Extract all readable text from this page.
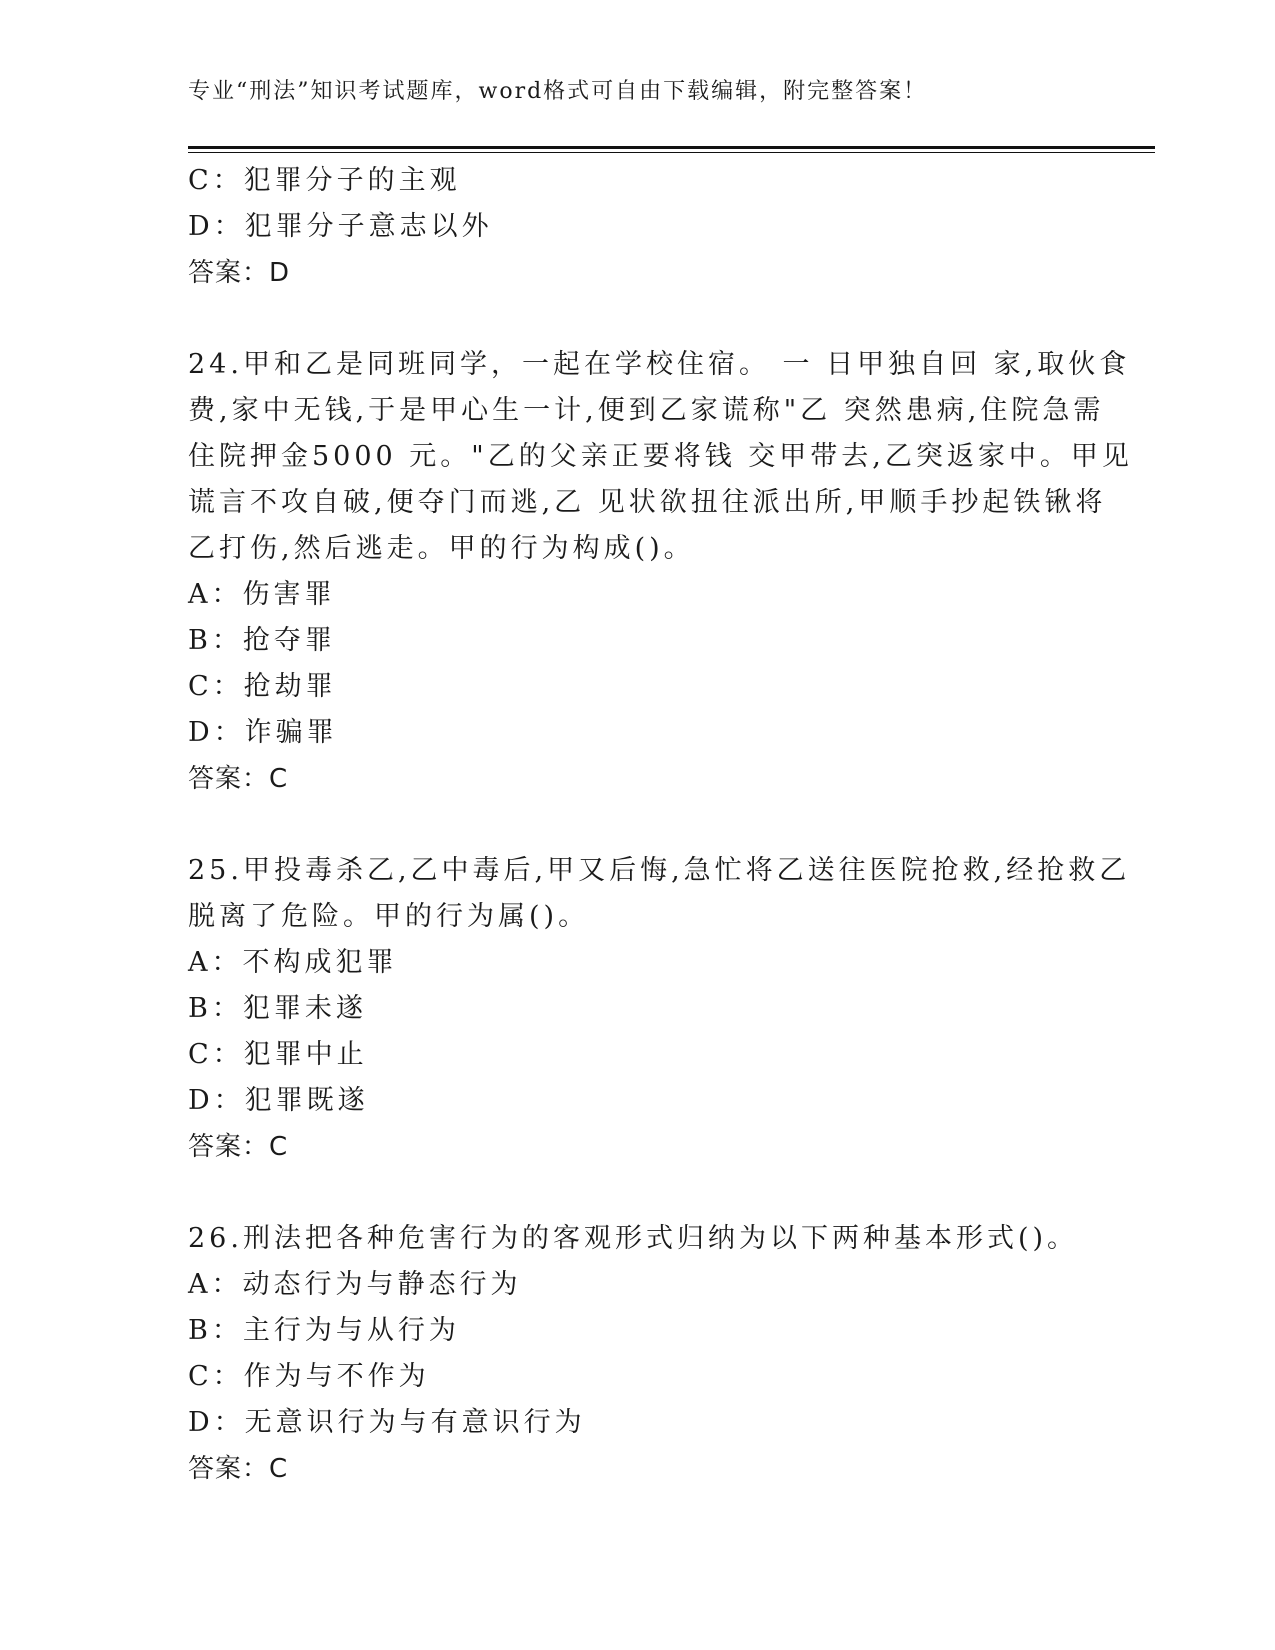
专业“刑法”知识考试题库，word格式可自由下载编辑，附完整答案！
C：犯罪分子的主观
D：犯罪分子意志以外
答案：D
24.甲和乙是同班同学，一起在学校住宿。 一 日甲独自回 家,取伙食
费,家中无钱,于是甲心生一计,便到乙家谎称"乙 突然患病,住院急需
住院押金5000 元。"乙的父亲正要将钱 交甲带去,乙突返家中。甲见
谎言不攻自破,便夺门而逃,乙 见状欲扭往派出所,甲顺手抄起铁锹将
乙打伤,然后逃走。甲的行为构成()。
A：伤害罪
B：抢夺罪
C：抢劫罪
D：诈骗罪
答案：C
25.甲投毒杀乙,乙中毒后,甲又后悔,急忙将乙送往医院抢救,经抢救乙
脱离了危险。甲的行为属()。
A：不构成犯罪
B：犯罪未遂
C：犯罪中止
D：犯罪既遂
答案：C
26.刑法把各种危害行为的客观形式归纳为以下两种基本形式()。
A：动态行为与静态行为
B：主行为与从行为
C：作为与不作为
D：无意识行为与有意识行为
答案：C
